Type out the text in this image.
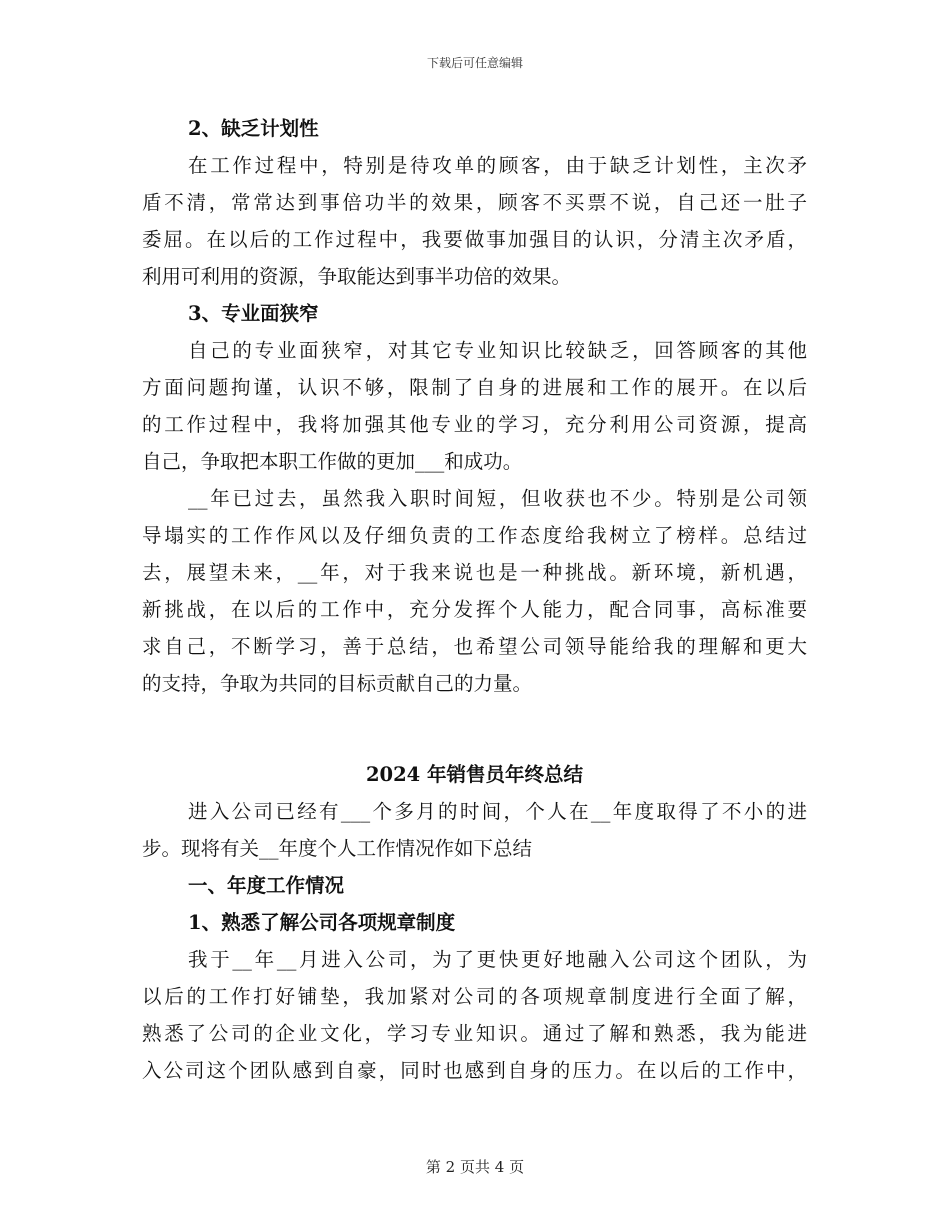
下载后可任意编辑
2、缺乏计划性
在工作过程中，特别是待攻单的顾客，由于缺乏计划性，主次矛
盾不清，常常达到事倍功半的效果，顾客不买票不说，自己还一肚子
委屈。在以后的工作过程中，我要做事加强目的认识，分清主次矛盾，
利用可利用的资源，争取能达到事半功倍的效果。
3、专业面狭窄
自己的专业面狭窄，对其它专业知识比较缺乏，回答顾客的其他
方面问题拘谨，认识不够，限制了自身的进展和工作的展开。在以后
的工作过程中，我将加强其他专业的学习，充分利用公司资源，提高
自己，争取把本职工作做的更加___和成功。
__年已过去，虽然我入职时间短，但收获也不少。特别是公司领
导塌实的工作作风以及仔细负责的工作态度给我树立了榜样。总结过
去，展望未来，__年，对于我来说也是一种挑战。新环境，新机遇，
新挑战，在以后的工作中，充分发挥个人能力，配合同事，高标准要
求自己，不断学习，善于总结，也希望公司领导能给我的理解和更大
的支持，争取为共同的目标贡献自己的力量。
2024 年销售员年终总结
进入公司已经有___个多月的时间，个人在__年度取得了不小的进
步。现将有关__年度个人工作情况作如下总结
一、年度工作情况
1、熟悉了解公司各项规章制度
我于__年__月进入公司，为了更快更好地融入公司这个团队，为
以后的工作打好铺垫，我加紧对公司的各项规章制度进行全面了解，
熟悉了公司的企业文化，学习专业知识。通过了解和熟悉，我为能进
入公司这个团队感到自豪，同时也感到自身的压力。在以后的工作中，
第 2 页共 4 页
